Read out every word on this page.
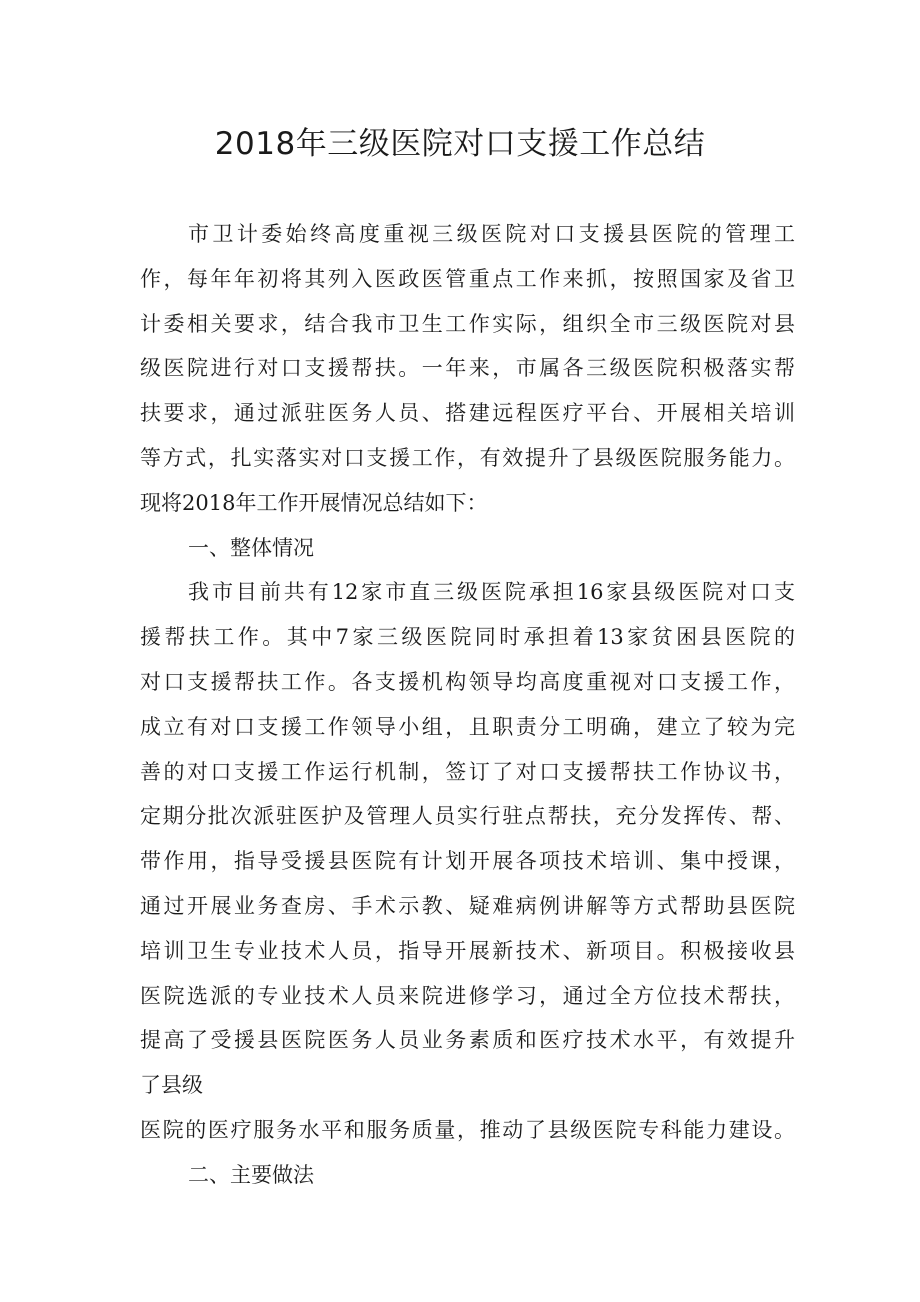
2018年三级医院对口支援工作总结
市卫计委始终高度重视三级医院对口支援县医院的管理工
作，每年年初将其列入医政医管重点工作来抓，按照国家及省卫
计委相关要求，结合我市卫生工作实际，组织全市三级医院对县
级医院进行对口支援帮扶。一年来，市属各三级医院积极落实帮
扶要求，通过派驻医务人员、搭建远程医疗平台、开展相关培训
等方式，扎实落实对口支援工作，有效提升了县级医院服务能力。
现将2018年工作开展情况总结如下：
一、整体情况
我市目前共有12家市直三级医院承担16家县级医院对口支
援帮扶工作。其中7家三级医院同时承担着13家贫困县医院的
对口支援帮扶工作。各支援机构领导均高度重视对口支援工作，
成立有对口支援工作领导小组，且职责分工明确，建立了较为完
善的对口支援工作运行机制，签订了对口支援帮扶工作协议书，
定期分批次派驻医护及管理人员实行驻点帮扶，充分发挥传、帮、
带作用，指导受援县医院有计划开展各项技术培训、集中授课，
通过开展业务查房、手术示教、疑难病例讲解等方式帮助县医院
培训卫生专业技术人员，指导开展新技术、新项目。积极接收县
医院选派的专业技术人员来院进修学习，通过全方位技术帮扶，
提高了受援县医院医务人员业务素质和医疗技术水平，有效提升
了县级
医院的医疗服务水平和服务质量，推动了县级医院专科能力建设。
二、主要做法
